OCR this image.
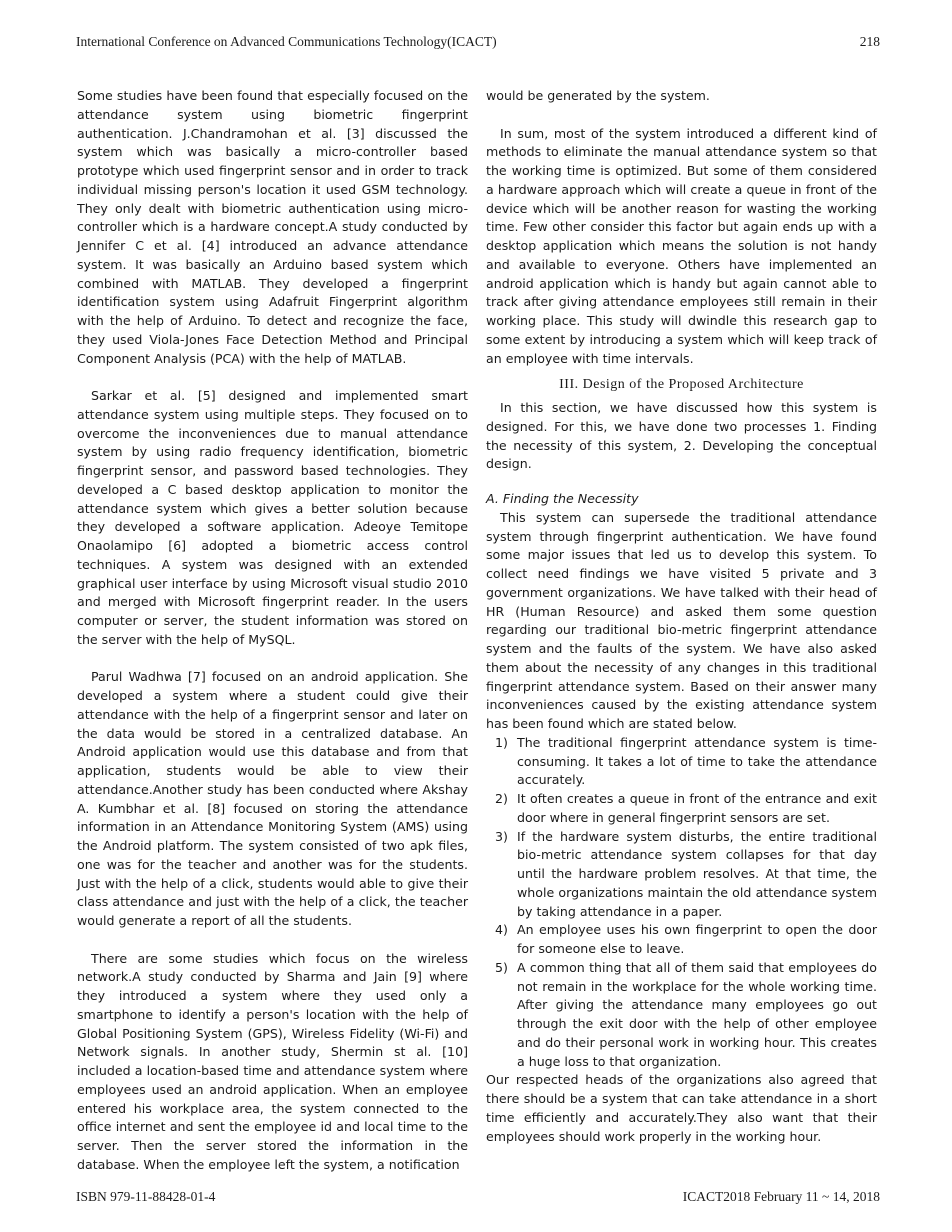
International Conference on Advanced Communications Technology(ICACT)	218

Some studies have been found that especially focused on the attendance system using biometric fingerprint authentication. J.Chandramohan et al. [3] discussed the system which was basically a micro-controller based prototype which used fingerprint sensor and in order to track individual missing person's location it used GSM technology. They only dealt with biometric authentication using micro-controller which is a hardware concept.A study conducted by Jennifer C et al. [4] introduced an advance attendance system. It was basically an Arduino based system which combined with MATLAB. They developed a fingerprint identification system using Adafruit Fingerprint algorithm with the help of Arduino. To detect and recognize the face, they used Viola-Jones Face Detection Method and Principal Component Analysis (PCA) with the help of MATLAB.

Sarkar et al. [5] designed and implemented smart attendance system using multiple steps. They focused on to overcome the inconveniences due to manual attendance system by using radio frequency identification, biometric fingerprint sensor, and password based technologies. They developed a C based desktop application to monitor the attendance system which gives a better solution because they developed a software application. Adeoye Temitope Onaolamipo [6] adopted a biometric access control techniques. A system was designed with an extended graphical user interface by using Microsoft visual studio 2010 and merged with Microsoft fingerprint reader. In the users computer or server, the student information was stored on the server with the help of MySQL.

Parul Wadhwa [7] focused on an android application. She developed a system where a student could give their attendance with the help of a fingerprint sensor and later on the data would be stored in a centralized database. An Android application would use this database and from that application, students would be able to view their attendance.Another study has been conducted where Akshay A. Kumbhar et al. [8] focused on storing the attendance information in an Attendance Monitoring System (AMS) using the Android platform. The system consisted of two apk files, one was for the teacher and another was for the students. Just with the help of a click, students would able to give their class attendance and just with the help of a click, the teacher would generate a report of all the students.

There are some studies which focus on the wireless network.A study conducted by Sharma and Jain [9] where they introduced a system where they used only a smartphone to identify a person's location with the help of Global Positioning System (GPS), Wireless Fidelity (Wi-Fi) and Network signals. In another study, Shermin st al. [10] included a location-based time and attendance system where employees used an android application. When an employee entered his workplace area, the system connected to the office internet and sent the employee id and local time to the server. Then the server stored the information in the database. When the employee left the system, a notification

would be generated by the system.

In sum, most of the system introduced a different kind of methods to eliminate the manual attendance system so that the working time is optimized. But some of them considered a hardware approach which will create a queue in front of the device which will be another reason for wasting the working time. Few other consider this factor but again ends up with a desktop application which means the solution is not handy and available to everyone. Others have implemented an android application which is handy but again cannot able to track after giving attendance employees still remain in their working place. This study will dwindle this research gap to some extent by introducing a system which will keep track of an employee with time intervals.

III. Design of the Proposed Architecture

In this section, we have discussed how this system is designed. For this, we have done two processes 1. Finding the necessity of this system, 2. Developing the conceptual design.

A. Finding the Necessity

This system can supersede the traditional attendance system through fingerprint authentication. We have found some major issues that led us to develop this system. To collect need findings we have visited 5 private and 3 government organizations. We have talked with their head of HR (Human Resource) and asked them some question regarding our traditional bio-metric fingerprint attendance system and the faults of the system. We have also asked them about the necessity of any changes in this traditional fingerprint attendance system. Based on their answer many inconveniences caused by the existing attendance system has been found which are stated below.

1) The traditional fingerprint attendance system is time-consuming. It takes a lot of time to take the attendance accurately.
2) It often creates a queue in front of the entrance and exit door where in general fingerprint sensors are set.
3) If the hardware system disturbs, the entire traditional bio-metric attendance system collapses for that day until the hardware problem resolves. At that time, the whole organizations maintain the old attendance system by taking attendance in a paper.
4) An employee uses his own fingerprint to open the door for someone else to leave.
5) A common thing that all of them said that employees do not remain in the workplace for the whole working time. After giving the attendance many employees go out through the exit door with the help of other employee and do their personal work in working hour. This creates a huge loss to that organization.

Our respected heads of the organizations also agreed that there should be a system that can take attendance in a short time efficiently and accurately.They also want that their employees should work properly in the working hour.

ISBN 979-11-88428-01-4	ICACT2018 February 11 ~ 14, 2018
